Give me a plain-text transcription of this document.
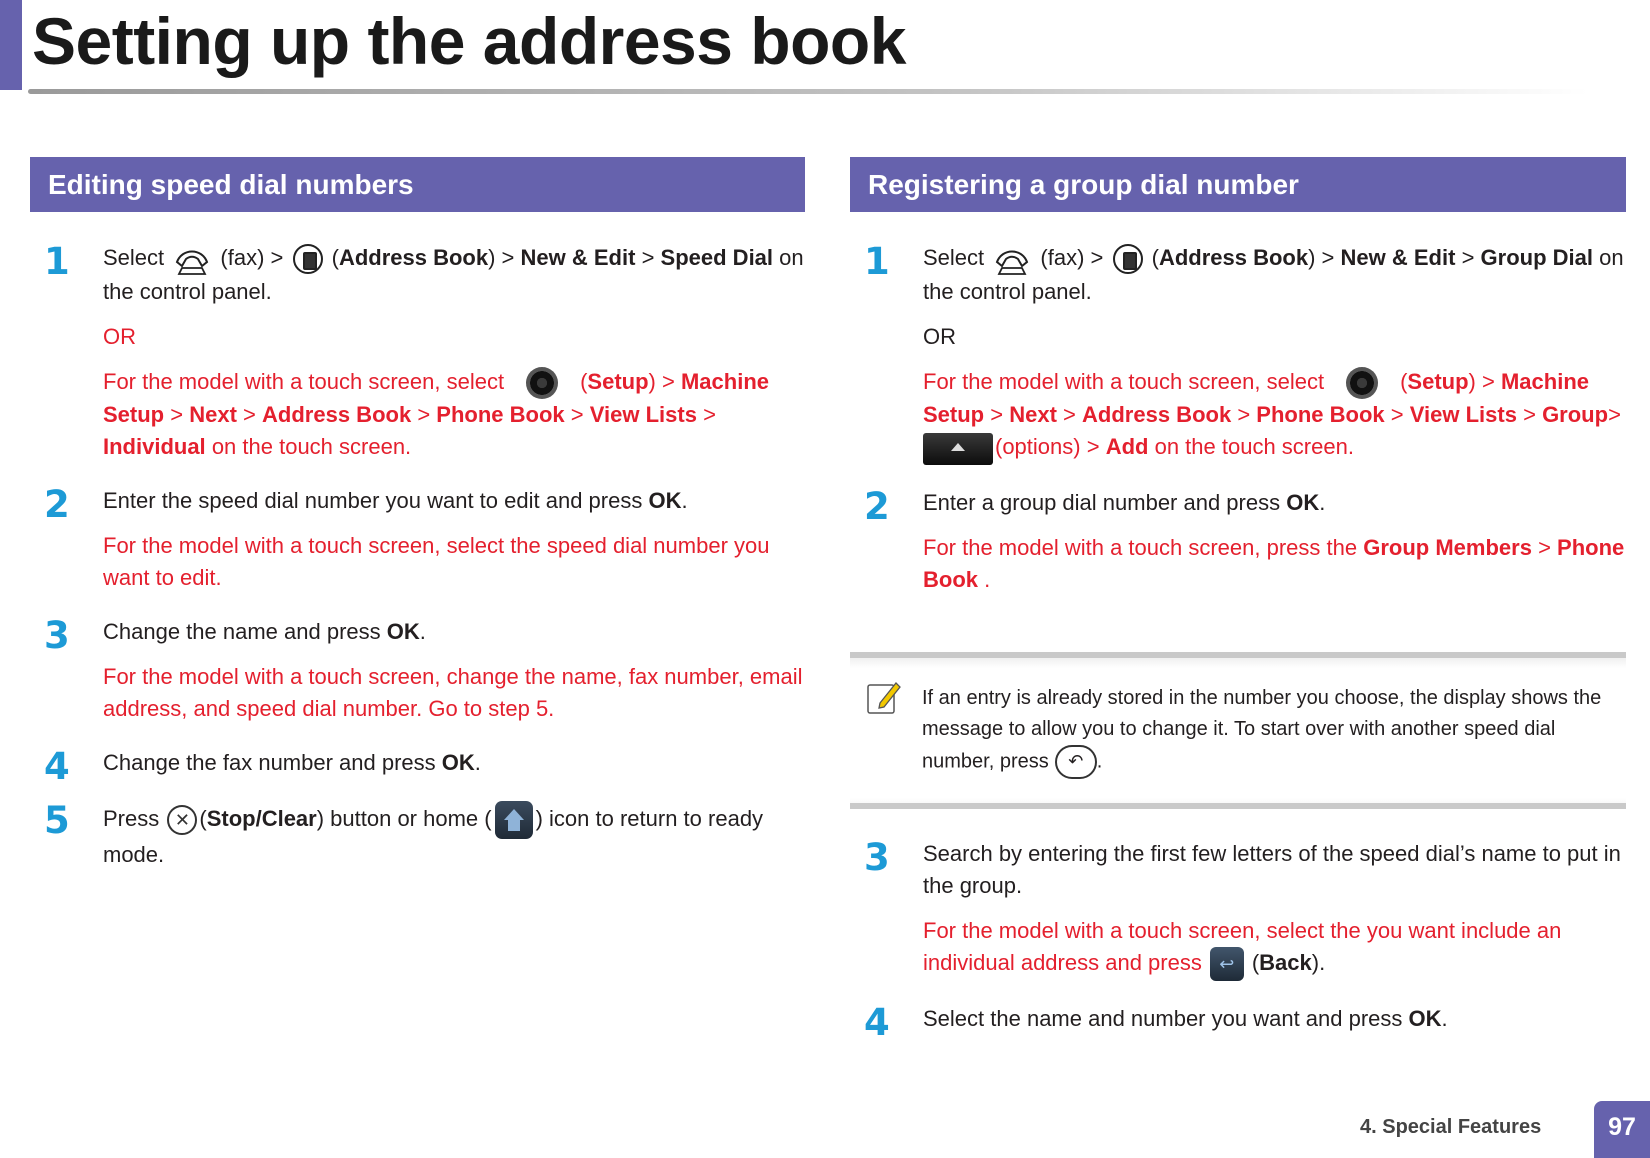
Setting up the address book
Editing speed dial numbers
1 Select	(fax) > (Address Book) > New & Edit > Speed Dial on the control panel.

OR

For the model with a touch screen, select	(Setup) > Machine Setup > Next > Address Book > Phone Book > View Lists > Individual on the touch screen.

2 Enter the speed dial number you want to edit and press OK.

For the model with a touch screen, select the speed dial number you want to edit.

3 Change the name and press OK.

For the model with a touch screen, change the name, fax number, email address, and speed dial number. Go to step 5.

4 Change the fax number and press OK.

5 Press ✕ (Stop/Clear) button or home ( ) icon to return to ready mode.

Registering a group dial number
1 Select	(fax) > (Address Book) > New & Edit > Group Dial on the control panel.

OR

For the model with a touch screen, select	(Setup) > Machine Setup > Next > Address Book > Phone Book > View Lists > Group>
(options) > Add on the touch screen.

2 Enter a group dial number and press OK.

For the model with a touch screen, press the Group Members > Phone Book .

If an entry is already stored in the number you choose, the display shows the message to allow you to change it. To start over with another speed dial number, press ↶ .

3 Search by entering the first few letters of the speed dial’s name to put in the group.

For the model with a touch screen, select the you want include an individual address and press↩ (Back).

4 Select the name and number you want and press OK.

4. Special Features	97
